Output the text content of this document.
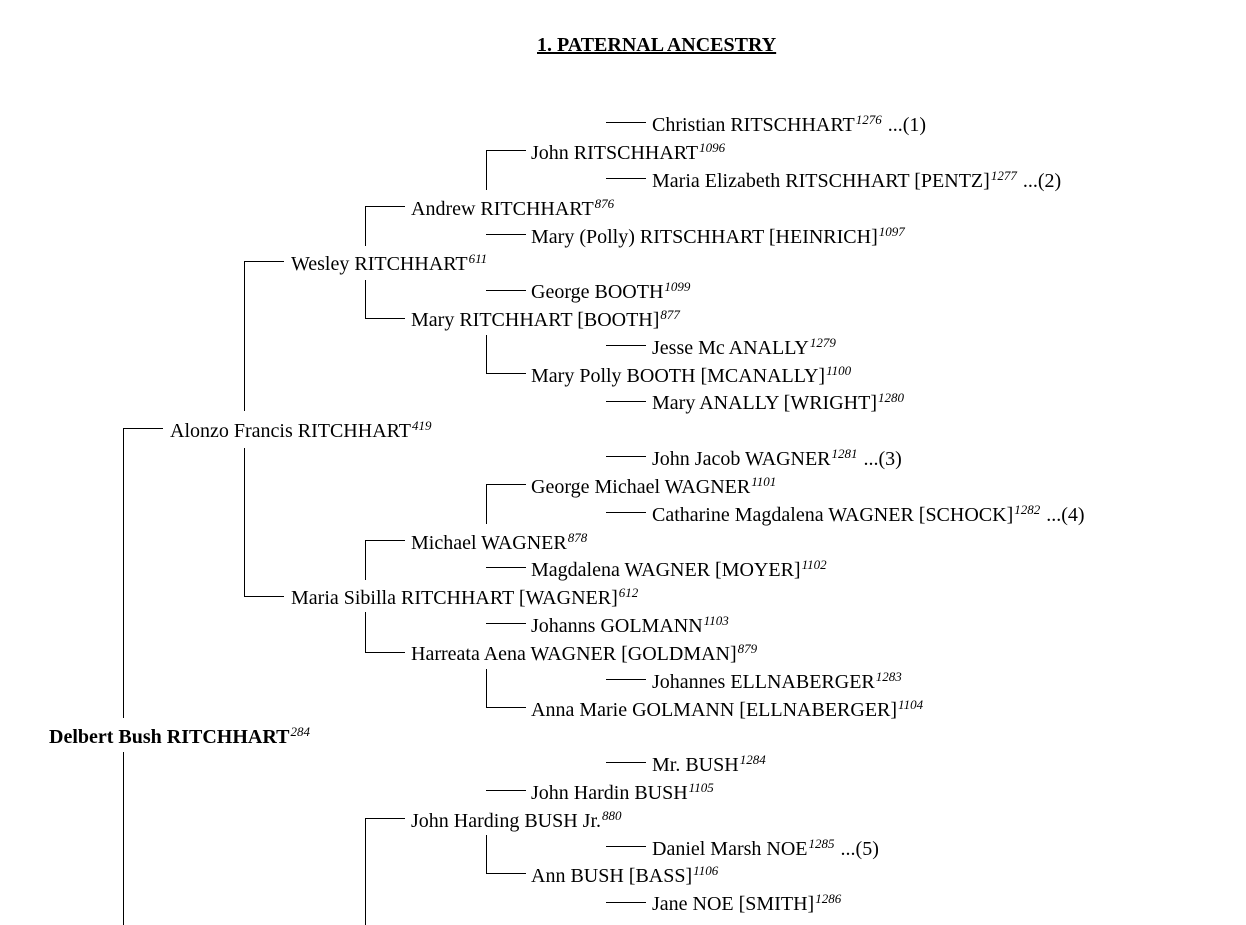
1. PATERNAL ANCESTRY
Christian $RITSCHHART^{1276}$ ...(1)
John $RITSCHHART^{1096}$
Maria Elizabeth RITSCHHART [PENTZ]$^{1277}$ ...(2)
Andrew RITCHHART$^{876}$
Mary (Polly) RITSCHHART [HEINRICH]$^{1097}$
Wesley RITCHHART$^{611}$
George $BOOTH^{1099}$
Mary RITCHHART [BOOTH]$^{877}$
Jesse Mc $ANALLY^{1279}$
Mary Polly BOOTH [MCANALLY]$^{1100}$
Mary ANALLY [WRIGHT]$^{1280}$
Alonzo Francis RITCHHART$^{419}$
John Jacob $WAGNER^{1281}$ ...(3)
George Michael $WAGNER^{1101}$
Catharine Magdalena WAGNER [SCHOCK]$^{1282}$ ...(4)
Michael WAGNER$^{878}$
Magdalena WAGNER [MOYER]$^{1102}$
Maria Sibilla RITCHHART [WAGNER]$^{612}$
Johanns $GOLMANN^{1103}$
Harreata Aena WAGNER [GOLDMAN]$^{879}$
Johannes $ELLNABERGER^{1283}$
Anna Marie GOLMANN [ELLNABERGER]$^{1104}$
Delbert Bush RITCHHART$^{284}$
Mr. $BUSH^{1284}$
John Hardin $BUSH^{1105}$
John Harding BUSH Jr.$^{880}$
Daniel Marsh $NOE^{1285}$ ...(5)
Ann BUSH [BASS]$^{1106}$
Jane NOE [SMITH]$^{1286}$
